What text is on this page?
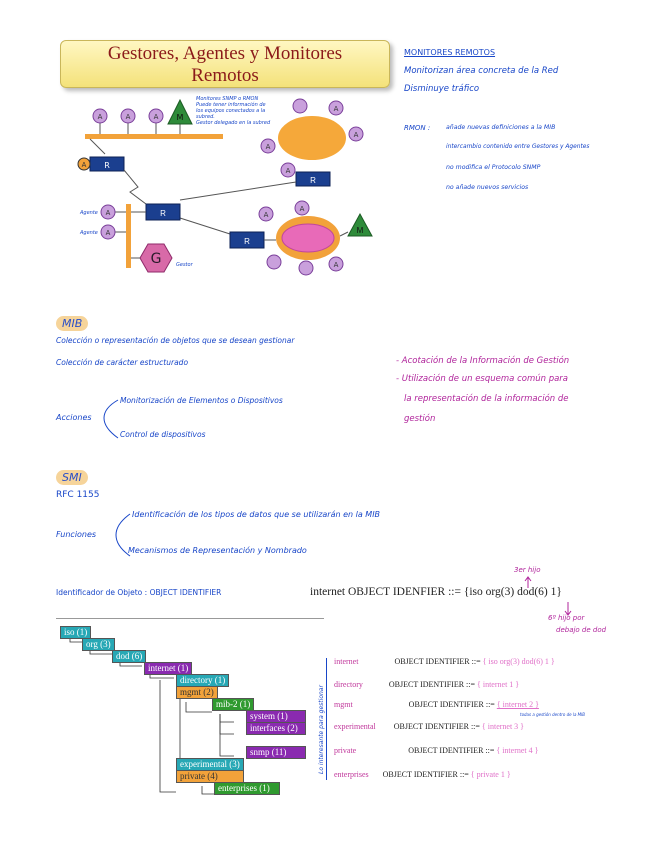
Gestores, Agentes y Monitores
Remotos
A	A	A M
A R
A
A
A
A
R
R
A
A
G
R
A
A
A
M
Monitores SNMP o RMON
Puede tener información de
los equipos conectados a la
subred.
Gestor delegado en la subred
Agente
Agente
Gestor
MONITORES REMOTOS
Monitorizan área concreta de la Red
Disminuye tráfico
RMON :	añade nuevas definiciones a la MIB
intercambio contenido entre Gestores y Agentes
no modifica el Protocolo SNMP
no añade nuevos servicios
MIB
Colección o representación de objetos que se desean gestionar
Colección de carácter estructurado
Acciones
Monitorización de Elementos o Dispositivos
Control de dispositivos
- Acotación de la Información de Gestión
- Utilización de un esquema común para
la representación de la información de
gestión
SMI
RFC 1155
Funciones
Identificación de los tipos de datos que se utilizarán en la MIB
Mecanismos de Representación y Nombrado
Identificador de Objeto : OBJECT IDENTIFIER	internet OBJECT IDENFIER ::= {iso org(3) dod(6) 1}
3er hijo
6º hijo por
debajo de dod
iso (1)
org (3)
dod (6)
internet (1)
directory (1)
mgmt (2)
mib-2 (1)
system (1)
interfaces (2)
snmp (11)
experimental (3)
private (4)
enterprises (1)
Lo interesante para gestionar
internet	OBJECT IDENTIFIER ::= { iso org(3) dod(6) 1 }
directory	OBJECT IDENTIFIER ::= { internet 1 }
mgmt	OBJECT IDENTIFIER ::= { internet 2 }
todas a gestión dentro de la MIB
experimental OBJECT IDENTIFIER ::= { internet 3 }
private	OBJECT IDENTIFIER ::= { internet 4 }
enterprises OBJECT IDENTIFIER ::= { private 1 }
